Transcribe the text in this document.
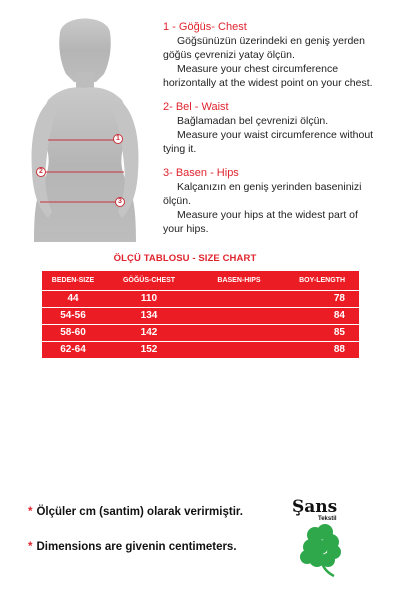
1
2
3
1 - Göğüs- Chest

Göğsünüzün üzerindeki en geniş yerden

göğüs çevrenizi yatay ölçün.

Measure your chest circumference

horizontally at the widest point on your chest.

2- Bel - Waist

Bağlamadan bel çevrenizi ölçün.

Measure your waist circumference without

tying it.

3- Basen - Hips

Kalçanızın en geniş yerinden baseninizi

ölçün.

Measure your hips at the widest part of

your hips.

ÖLÇÜ TABLOSU - SIZE CHART
BEDEN-SIZE	GÖĞÜS-CHEST	BASEN-HIPS	BOY-LENGTH
44	110		78
54-56	134		84
58-60	142		85
62-64	152		88
* Ölçüler cm (santim) olarak verirmiştir.
* Dimensions are givenin centimeters.
Şans
Tekstil
